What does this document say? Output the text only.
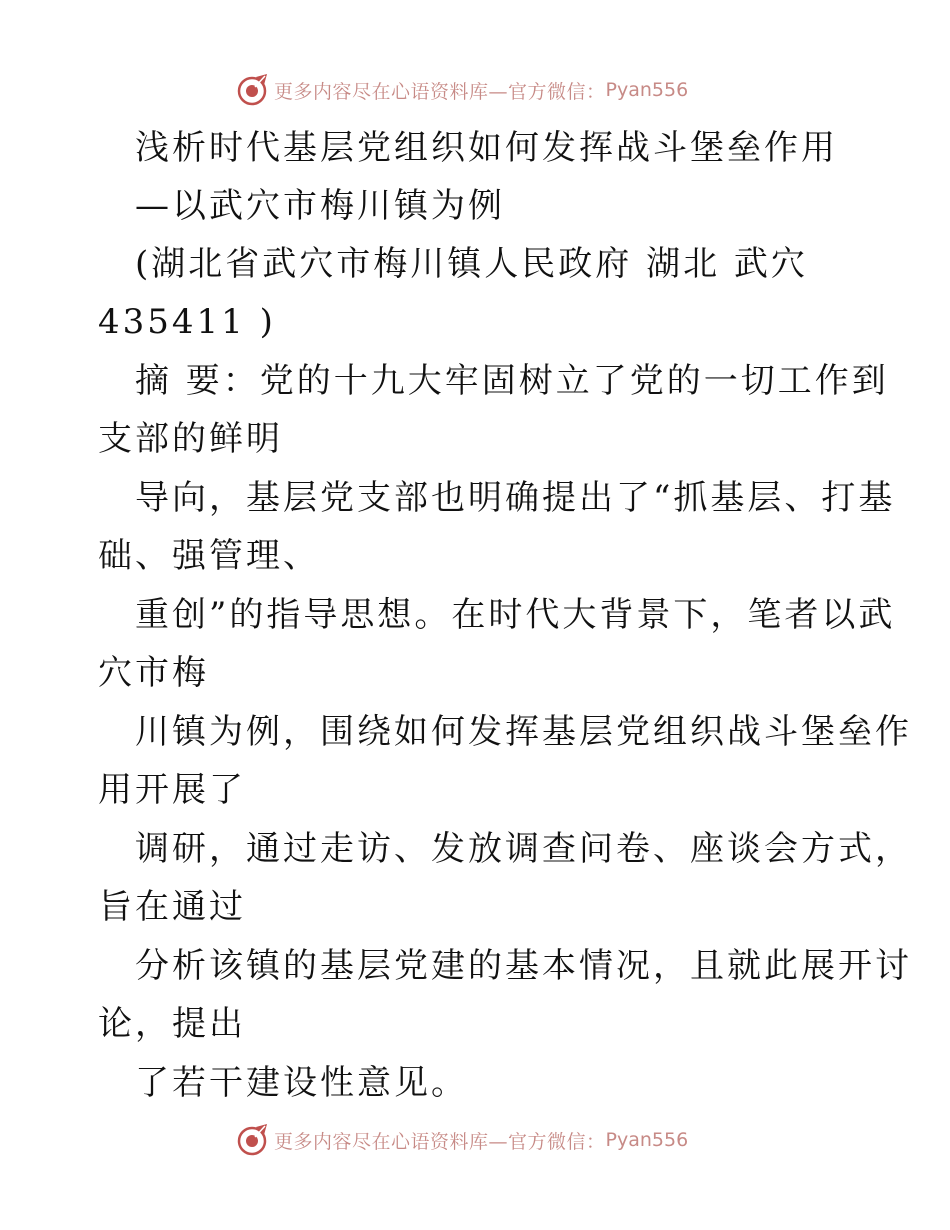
更多内容尽在心语资料库—官方微信： Pyan556

浅析时代基层党组织如何发挥战斗堡垒作用

—以武穴市梅川镇为例

(湖北省武穴市梅川镇人民政府 湖北 武穴

435411 )

摘 要：党的十九大牢固树立了党的一切工作到

支部的鲜明

导向，基层党支部也明确提出了“抓基层、打基

础、强管理、

重创”的指导思想。在时代大背景下，笔者以武

穴市梅

川镇为例，围绕如何发挥基层党组织战斗堡垒作

用开展了

调研，通过走访、发放调查问卷、座谈会方式，

旨在通过

分析该镇的基层党建的基本情况，且就此展开讨

论，提出

了若干建设性意见。

更多内容尽在心语资料库—官方微信： Pyan556
